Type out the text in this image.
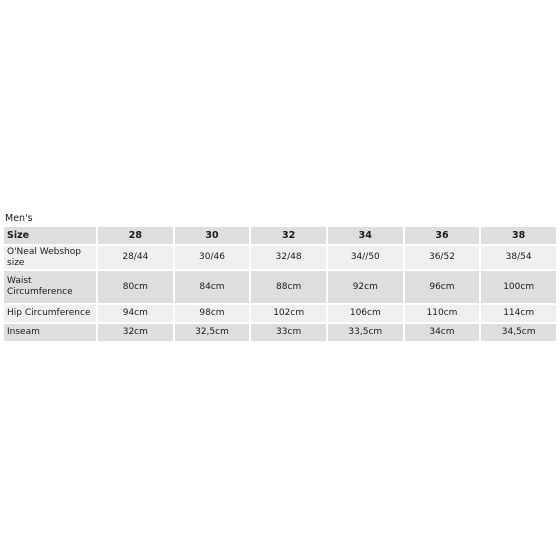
Men's
Size	28	30	32	34	36	38
O'Neal Webshop size	28/44	30/46	32/48	34//50	36/52	38/54
Waist Circumference	80cm	84cm	88cm	92cm	96cm	100cm
Hip Circumference	94cm	98cm	102cm	106cm	110cm	114cm
Inseam	32cm	32,5cm	33cm	33,5cm	34cm	34,5cm
